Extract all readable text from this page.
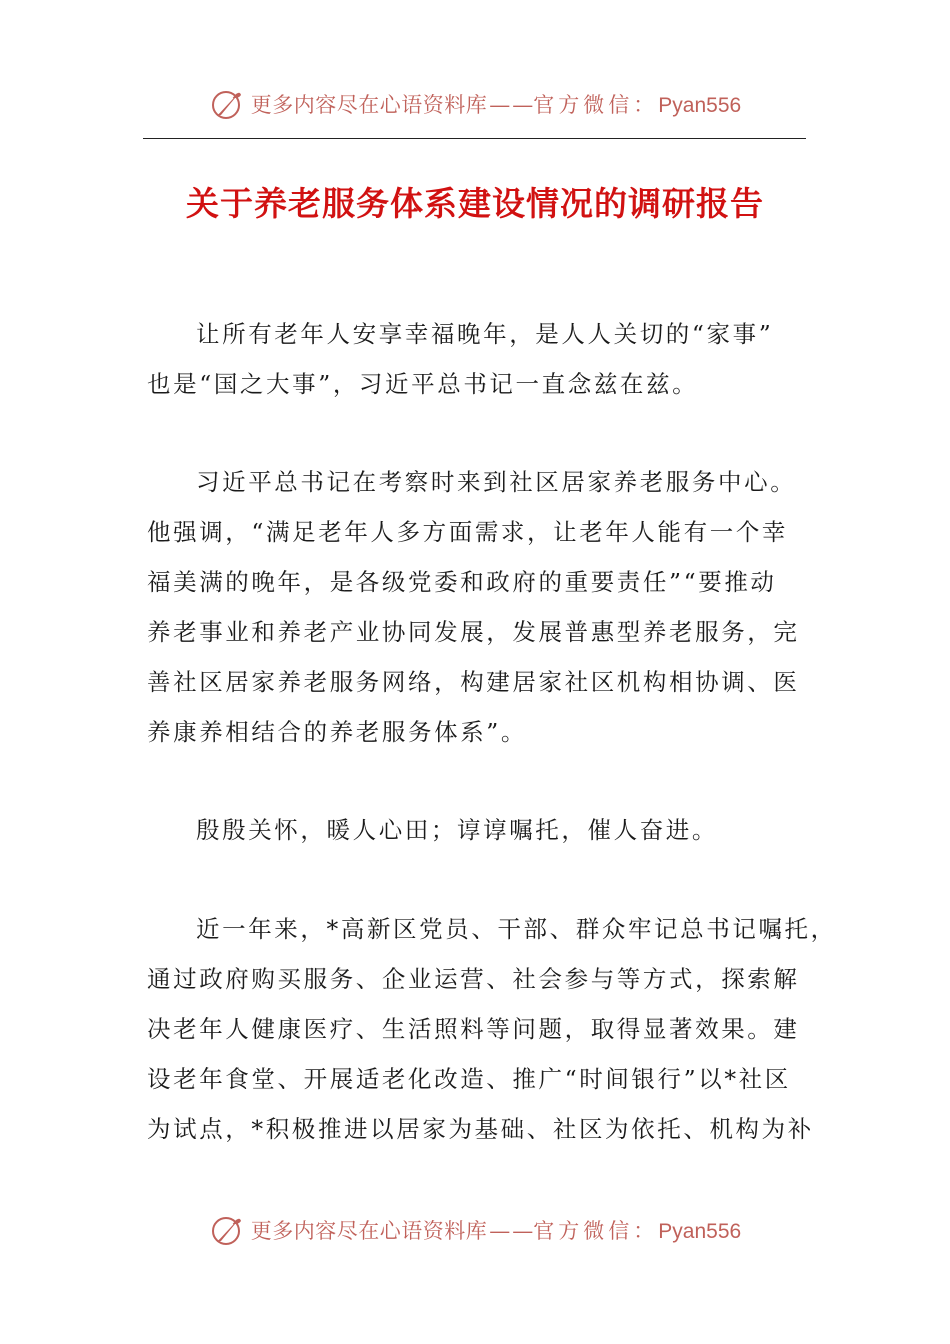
更多内容尽在心语资料库— —官方微信：Pyan556
关于养老服务体系建设情况的调研报告
让所有老年人安享幸福晚年，是人人关切的“家事”
也是“国之大事”，习近平总书记一直念兹在兹。
习近平总书记在考察时来到社区居家养老服务中心。
他强调，“满足老年人多方面需求，让老年人能有一个幸
福美满的晚年，是各级党委和政府的重要责任”“要推动
养老事业和养老产业协同发展，发展普惠型养老服务，完
善社区居家养老服务网络，构建居家社区机构相协调、医
养康养相结合的养老服务体系”。
殷殷关怀，暖人心田；谆谆嘱托，催人奋进。
近一年来，*高新区党员、干部、群众牢记总书记嘱托，
通过政府购买服务、企业运营、社会参与等方式，探索解
决老年人健康医疗、生活照料等问题，取得显著效果。建
设老年食堂、开展适老化改造、推广“时间银行”以*社区
为试点，*积极推进以居家为基础、社区为依托、机构为补
更多内容尽在心语资料库— —官方微信：Pyan556
